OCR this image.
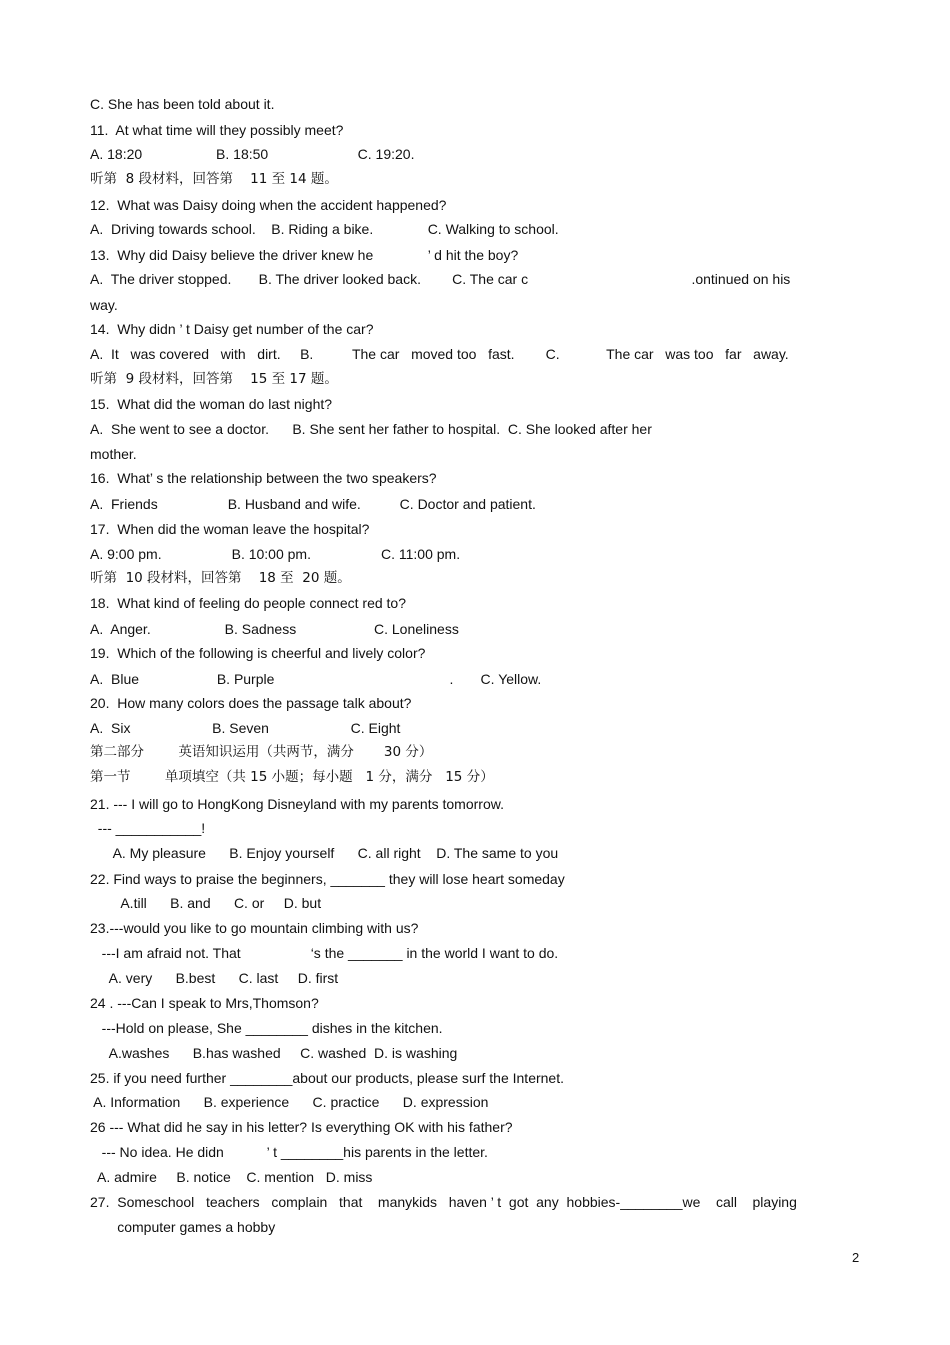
C. She has been told about it.
11.  At what time will they possibly meet?
A. 18:20                   B. 18:50                       C. 19:20.
听第  8 段材料，回答第    11 至 14 题。
12.  What was Daisy doing when the accident happened?
A.  Driving towards school.    B. Riding a bike.              C. Walking to school.
13.  Why did Daisy believe the driver knew he              ’ d hit the boy?
A.  The driver stopped.       B. The driver looked back.        C. The car c                                          .ontinued on his
way.
14.  Why didn ’ t Daisy get number of the car?
A.  It   was covered   with   dirt.     B.          The car   moved too   fast.        C.            The car   was too   far   away.
听第  9 段材料，回答第    15 至 17 题。
15.  What did the woman do last night?
A.  She went to see a doctor.      B. She sent her father to hospital.  C. She looked after her
mother.
16.  What’ s the relationship between the two speakers?
A.  Friends                  B. Husband and wife.          C. Doctor and patient.
17.  When did the woman leave the hospital?
A. 9:00 pm.                  B. 10:00 pm.                  C. 11:00 pm.
听第  10 段材料，回答第    18 至  20 题。
18.  What kind of feeling do people connect red to?
A.  Anger.                   B. Sadness                    C. Loneliness
19.  Which of the following is cheerful and lively color?
A.  Blue                    B. Purple                                             .       C. Yellow.
20.  How many colors does the passage talk about?
A.  Six                     B. Seven                     C. Eight
第二部分        英语知识运用（共两节，满分       30 分）
第一节        单项填空（共 15 小题；每小题   1 分，满分   15 分）
21. --- I will go to HongKong Disneyland with my parents tomorrow.
--- ___________!
A. My pleasure      B. Enjoy yourself      C. all right    D. The same to you
22. Find ways to praise the beginners, _______ they will lose heart someday
A.till      B. and      C. or     D. but
23.---would you like to go mountain climbing with us?
---I am afraid not. That                  ‘s the _______ in the world I want to do.
A. very      B.best      C. last     D. first
24 . ---Can I speak to Mrs,Thomson?
---Hold on please, She ________ dishes in the kitchen.
A.washes      B.has washed     C. washed  D. is washing
25. if you need further ________about our products, please surf the Internet.
A. Information      B. experience      C. practice      D. expression
26 --- What did he say in his letter? Is everything OK with his father?
--- No idea. He didn           ’ t ________his parents in the letter.
A. admire     B. notice    C. mention   D. miss
27.  Someschool   teachers   complain   that    manykids   haven ’ t  got  any  hobbies-________we    call    playing
computer games a hobby
2
